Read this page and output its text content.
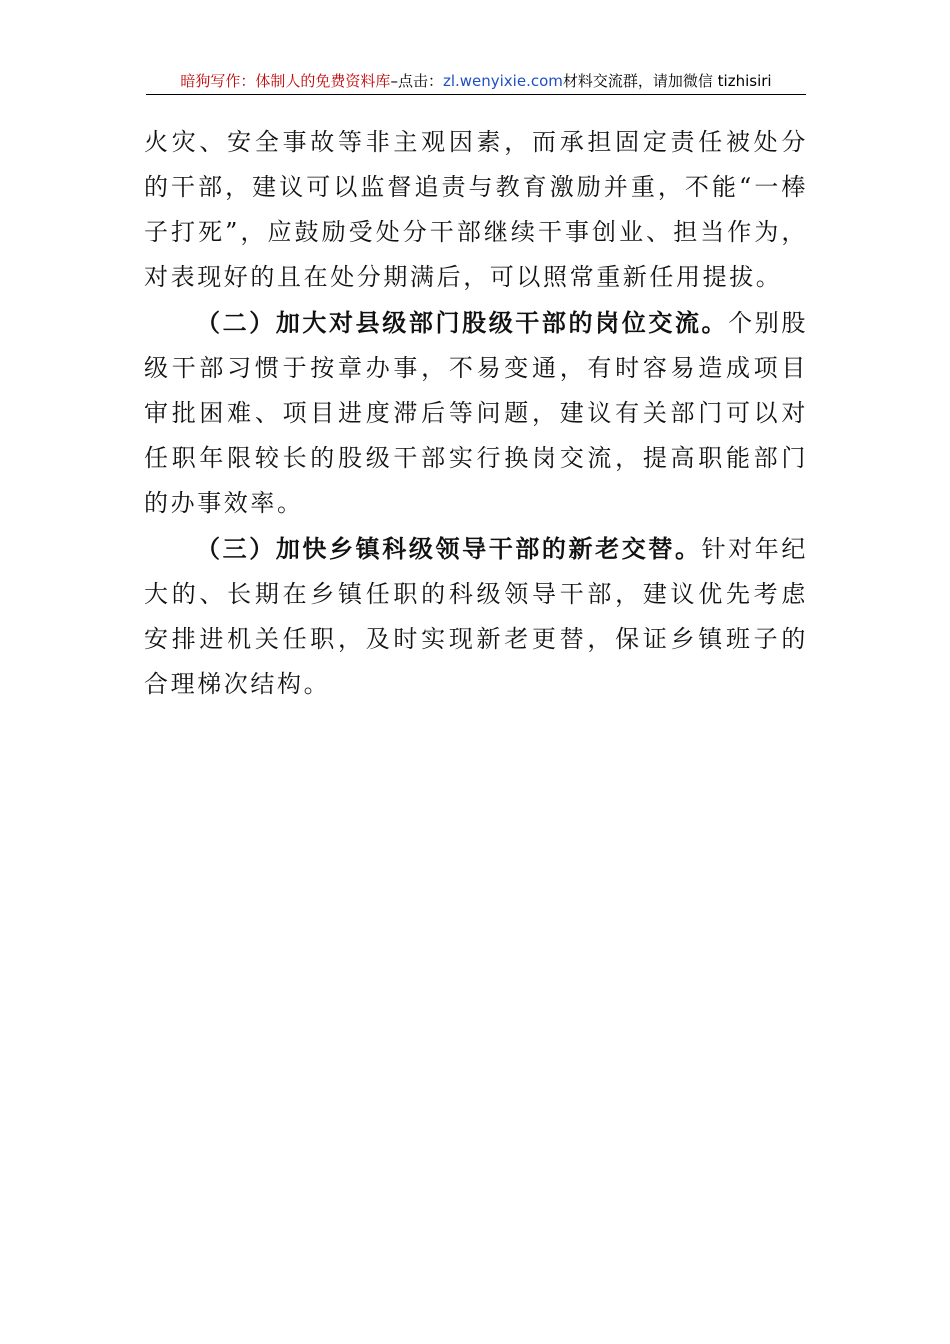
暗狗写作：体制人的免费资料库–点击：zl.wenyixie.com材料交流群，请加微信 tizhisiri

火灾、安全事故等非主观因素，而承担固定责任被处分的干部，建议可以监督追责与教育激励并重，不能“一棒子打死”，应鼓励受处分干部继续干事创业、担当作为，对表现好的且在处分期满后，可以照常重新任用提拔。

（二）加大对县级部门股级干部的岗位交流。个别股级干部习惯于按章办事，不易变通，有时容易造成项目审批困难、项目进度滞后等问题，建议有关部门可以对任职年限较长的股级干部实行换岗交流，提高职能部门的办事效率。

（三）加快乡镇科级领导干部的新老交替。针对年纪大的、长期在乡镇任职的科级领导干部，建议优先考虑安排进机关任职，及时实现新老更替，保证乡镇班子的合理梯次结构。
